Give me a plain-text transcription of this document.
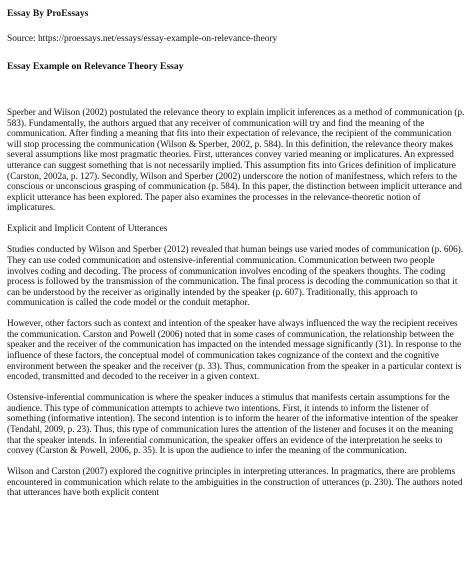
Essay By ProEssays

Source: https://proessays.net/essays/essay-example-on-relevance-theory

Essay Example on Relevance Theory Essay

Sperber and Wilson (2002) postulated the relevance theory to explain implicit inferences as a method of communication (p. 583). Fundamentally, the authors argued that any receiver of communication will try and find the meaning of the communication. After finding a meaning that fits into their expectation of relevance, the recipient of the communication will stop processing the communication (Wilson & Sperber, 2002, p. 584). In this definition, the relevance theory makes several assumptions like most pragmatic theories. First, utterances convey varied meaning or implicatures. An expressed utterance can suggest something that is not necessarily implied. This assumption fits into Grices definition of implicature (Carston, 2002a, p. 127). Secondly, Wilson and Sperber (2002) underscore the notion of manifestness, which refers to the conscious or unconscious grasping of communication (p. 584). In this paper, the distinction between implicit utterance and explicit utterance has been explored. The paper also examines the processes in the relevance-theoretic notion of implicatures.

Explicit and Implicit Content of Utterances

Studies conducted by Wilson and Sperber (2012) revealed that human beings use varied modes of communication (p. 606). They can use coded communication and ostensive-inferential communication. Communication between two people involves coding and decoding. The process of communication involves encoding of the speakers thoughts. The coding process is followed by the transmission of the communication. The final process is decoding the communication so that it can be understood by the receiver as originally intended by the speaker (p. 607). Traditionally, this approach to communication is called the code model or the conduit metaphor.

However, other factors such as context and intention of the speaker have always influenced the way the recipient receives the communication. Carston and Powell (2006) noted that in some cases of communication, the relationship between the speaker and the receiver of the communication has impacted on the intended message significantly (31). In response to the influence of these factors, the conceptual model of communication takes cognizance of the context and the cognitive environment between the speaker and the receiver (p. 33). Thus, communication from the speaker in a particular context is encoded, transmitted and decoded to the receiver in a given context.

Ostensive-inferential communication is where the speaker induces a stimulus that manifests certain assumptions for the audience. This type of communication attempts to achieve two intentions. First, it intends to inform the listener of something (informative intention). The second intention is to inform the hearer of the informative intention of the speaker (Tendahl, 2009, p. 23). Thus, this type of communication lures the attention of the listener and focuses it on the meaning that the speaker intends. In inferential communication, the speaker offers an evidence of the interpretation he seeks to convey (Carston & Powell, 2006, p. 35). It is upon the audience to infer the meaning of the communication.

Wilson and Carston (2007) explored the cognitive principles in interpreting utterances. In pragmatics, there are problems encountered in communication which relate to the ambiguities in the construction of utterances (p. 230). The authors noted that utterances have both explicit content
